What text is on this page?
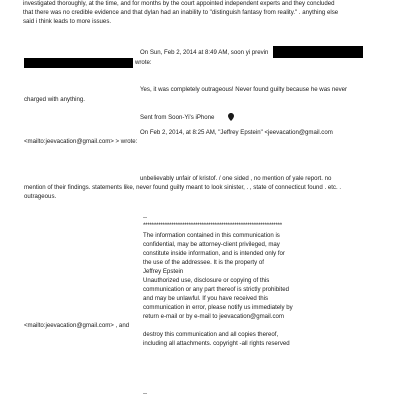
investigated thoroughly, at the time, and for months by the court appointed independent experts and they concluded
that there was no credible evidence and that dylan had an inability to "distinguish fantasy from reality." . anything else
said i think leads to more issues.
On Sun, Feb 2, 2014 at 8:49 AM, soon yi previn
wrote:
Yes, it was completely outrageous! Never found guilty because he was never
charged with anything.
Sent from Soon-Yi's iPhone
On Feb 2, 2014, at 8:25 AM, "Jeffrey Epstein" <jeevacation@gmail.com
<mailto:jeevacation@gmail.com> > wrote:
unbelievably unfair of kristof. / one sided , no mention of yale report. no
mention of their findings. statements like, never found guilty meant to look sinister, . , state of connecticut found . etc. .
outrageous.
--
****************************************************************
The information contained in this communication is
confidential, may be attorney-client privileged, may
constitute inside information, and is intended only for
the use of the addressee. It is the property of
Jeffrey Epstein
Unauthorized use, disclosure or copying of this
communication or any part thereof is strictly prohibited
and may be unlawful. If you have received this
communication in error, please notify us immediately by
return e-mail or by e-mail to jeevacation@gmail.com
<mailto:jeevacation@gmail.com> , and
destroy this communication and all copies thereof,
including all attachments. copyright -all rights reserved
--
